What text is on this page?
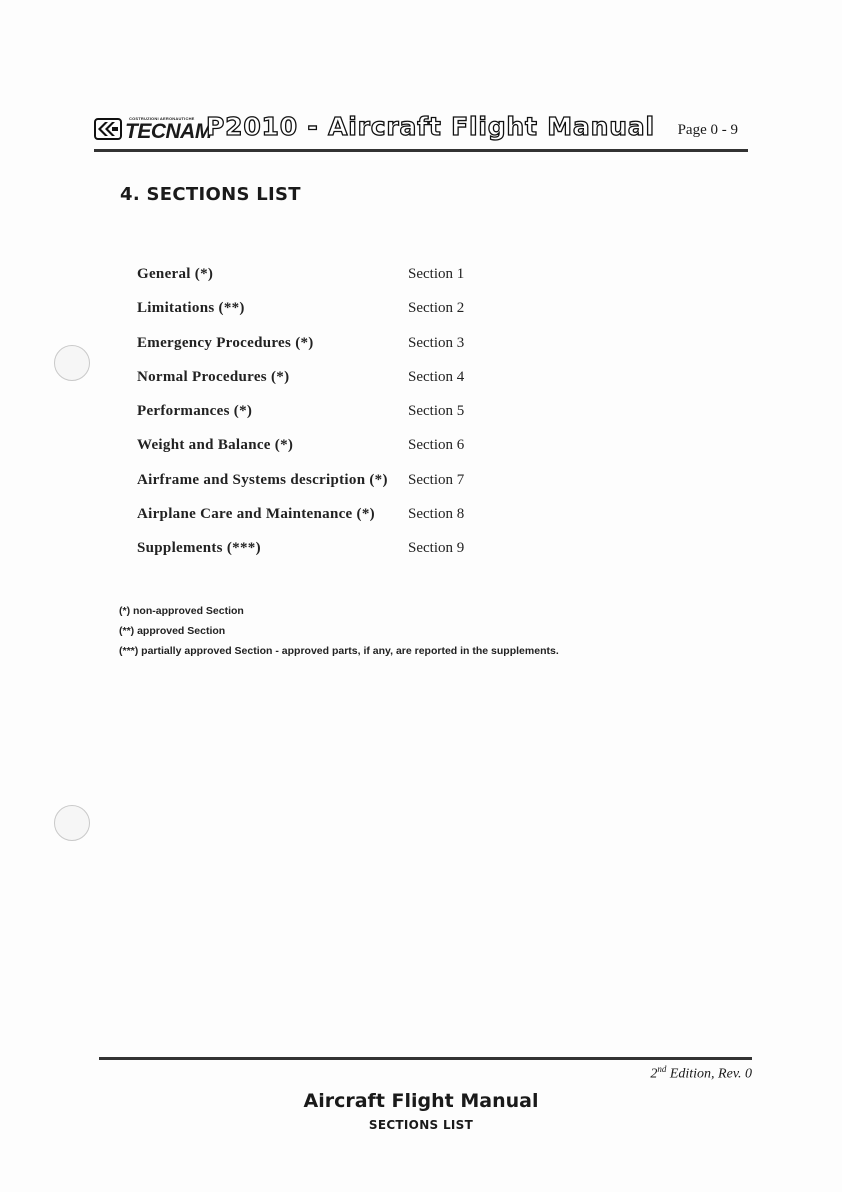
COSTRUZIONI AERONAUTICHE
TECNAM
P2010 - Aircraft Flight Manual Page 0 - 9
4. SECTIONS LIST
General (*)	Section 1
Limitations (**)	Section 2
Emergency Procedures (*)	Section 3
Normal Procedures (*)	Section 4
Performances (*)	Section 5
Weight and Balance (*)	Section 6
Airframe and Systems description (*) Section 7
Airplane Care and Maintenance (*) Section 8
Supplements (***)	Section 9
(*) non-approved Section
(**) approved Section
(***) partially approved Section - approved parts, if any, are reported in the supplements.
2nd Edition, Rev. 0
Aircraft Flight Manual
SECTIONS LIST
